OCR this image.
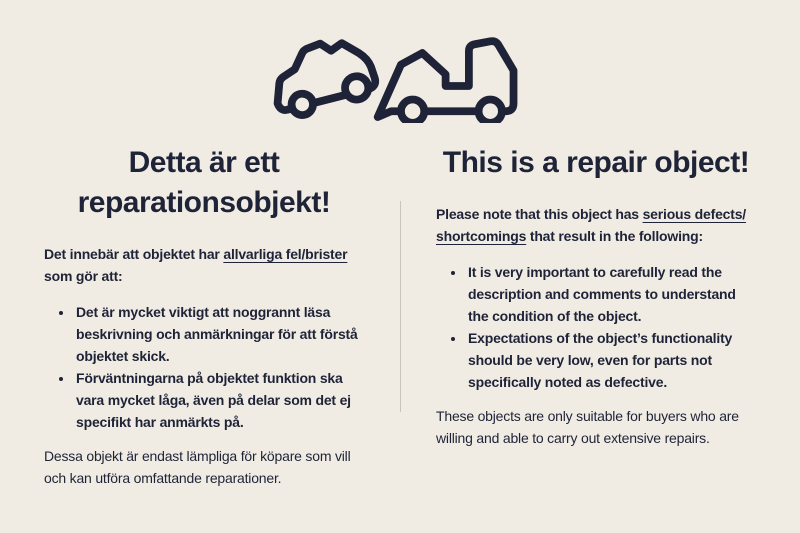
Detta är ett reparationsobjekt!

Det innebär att objektet har allvarliga fel/brister som gör att:

• Det är mycket viktigt att noggrannt läsa beskrivning och anmärkningar för att förstå objektet skick.
• Förväntningarna på objektet funktion ska vara mycket låga, även på delar som det ej specifikt har anmärkts på.

Dessa objekt är endast lämpliga för köpare som vill och kan utföra omfattande reparationer.

This is a repair object!

Please note that this object has serious defects/​shortcomings that result in the following:

• It is very important to carefully read the description and comments to understand the condition of the object.
• Expectations of the object’s functionality should be very low, even for parts not specifically noted as defective.

These objects are only suitable for buyers who are willing and able to carry out extensive repairs.
